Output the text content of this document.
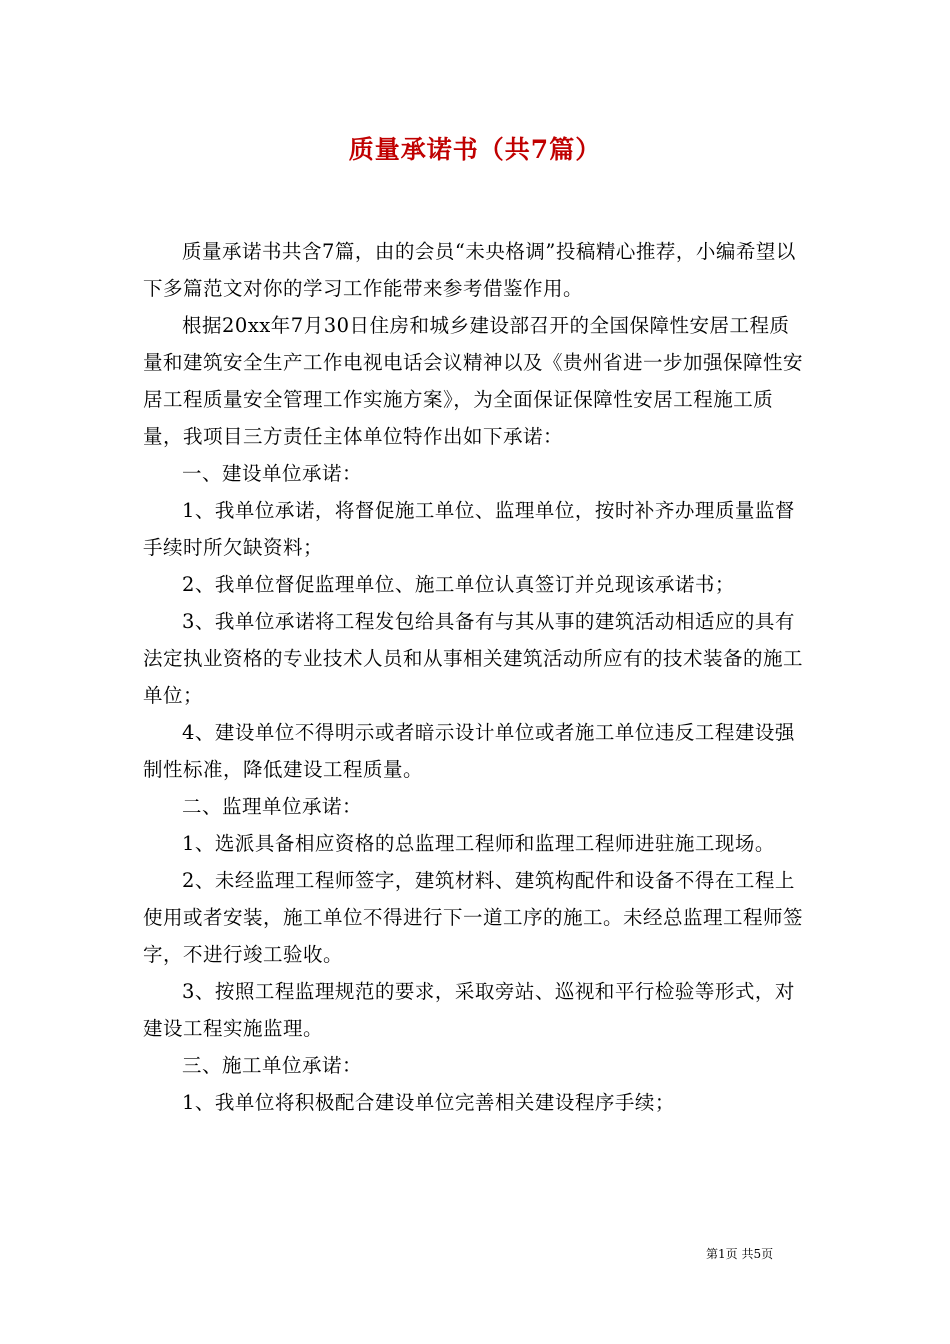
质量承诺书（共7篇）

质量承诺书共含7篇，由的会员“未央格调”投稿精心推荐，小编希望以下多篇范文对你的学习工作能带来参考借鉴作用。

根据20xx年7月30日住房和城乡建设部召开的全国保障性安居工程质量和建筑安全生产工作电视电话会议精神以及《贵州省进一步加强保障性安居工程质量安全管理工作实施方案》，为全面保证保障性安居工程施工质量，我项目三方责任主体单位特作出如下承诺：

一、建设单位承诺：

1、我单位承诺，将督促施工单位、监理单位，按时补齐办理质量监督手续时所欠缺资料；

2、我单位督促监理单位、施工单位认真签订并兑现该承诺书；

3、我单位承诺将工程发包给具备有与其从事的建筑活动相适应的具有法定执业资格的专业技术人员和从事相关建筑活动所应有的技术装备的施工单位；

4、建设单位不得明示或者暗示设计单位或者施工单位违反工程建设强制性标准，降低建设工程质量。

二、监理单位承诺：

1、选派具备相应资格的总监理工程师和监理工程师进驻施工现场。

2、未经监理工程师签字，建筑材料、建筑构配件和设备不得在工程上使用或者安装，施工单位不得进行下一道工序的施工。未经总监理工程师签字，不进行竣工验收。

3、按照工程监理规范的要求，采取旁站、巡视和平行检验等形式，对建设工程实施监理。

三、施工单位承诺：

1、我单位将积极配合建设单位完善相关建设程序手续；

第1页 共5页
